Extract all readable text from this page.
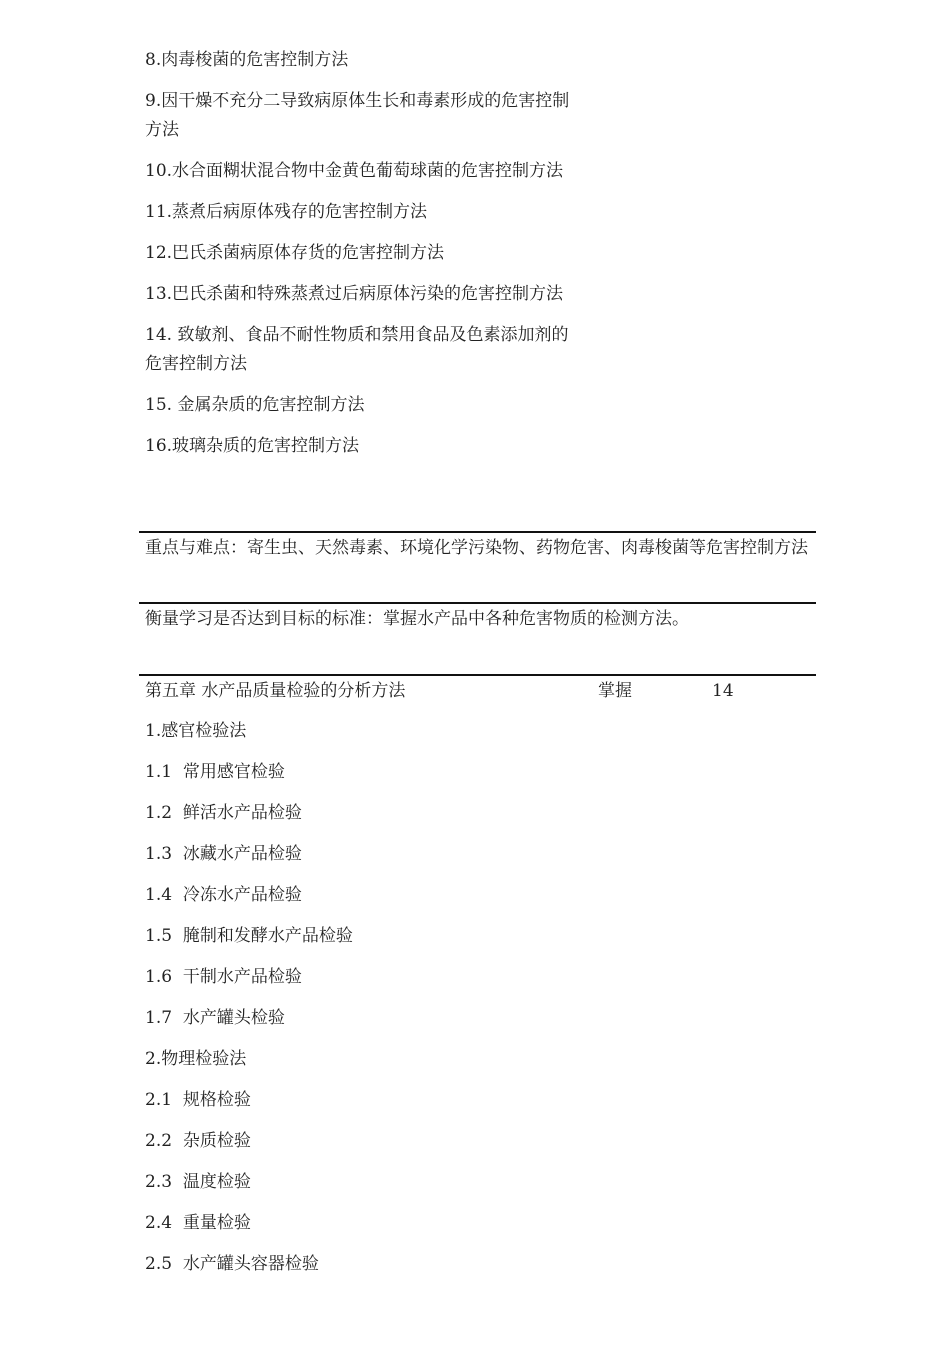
8.肉毒梭菌的危害控制方法
9.因干燥不充分二导致病原体生长和毒素形成的危害控制方法
10.水合面糊状混合物中金黄色葡萄球菌的危害控制方法
11.蒸煮后病原体残存的危害控制方法
12.巴氏杀菌病原体存货的危害控制方法
13.巴氏杀菌和特殊蒸煮过后病原体污染的危害控制方法
14. 致敏剂、食品不耐性物质和禁用食品及色素添加剂的危害控制方法
15. 金属杂质的危害控制方法
16.玻璃杂质的危害控制方法
重点与难点：寄生虫、天然毒素、环境化学污染物、药物危害、肉毒梭菌等危害控制方法
衡量学习是否达到目标的标准：掌握水产品中各种危害物质的检测方法。
第五章 水产品质量检验的分析方法	掌握	14
1.感官检验法
1.1  常用感官检验
1.2  鲜活水产品检验
1.3  冰藏水产品检验
1.4  冷冻水产品检验
1.5  腌制和发酵水产品检验
1.6  干制水产品检验
1.7  水产罐头检验
2.物理检验法
2.1  规格检验
2.2  杂质检验
2.3  温度检验
2.4  重量检验
2.5  水产罐头容器检验
